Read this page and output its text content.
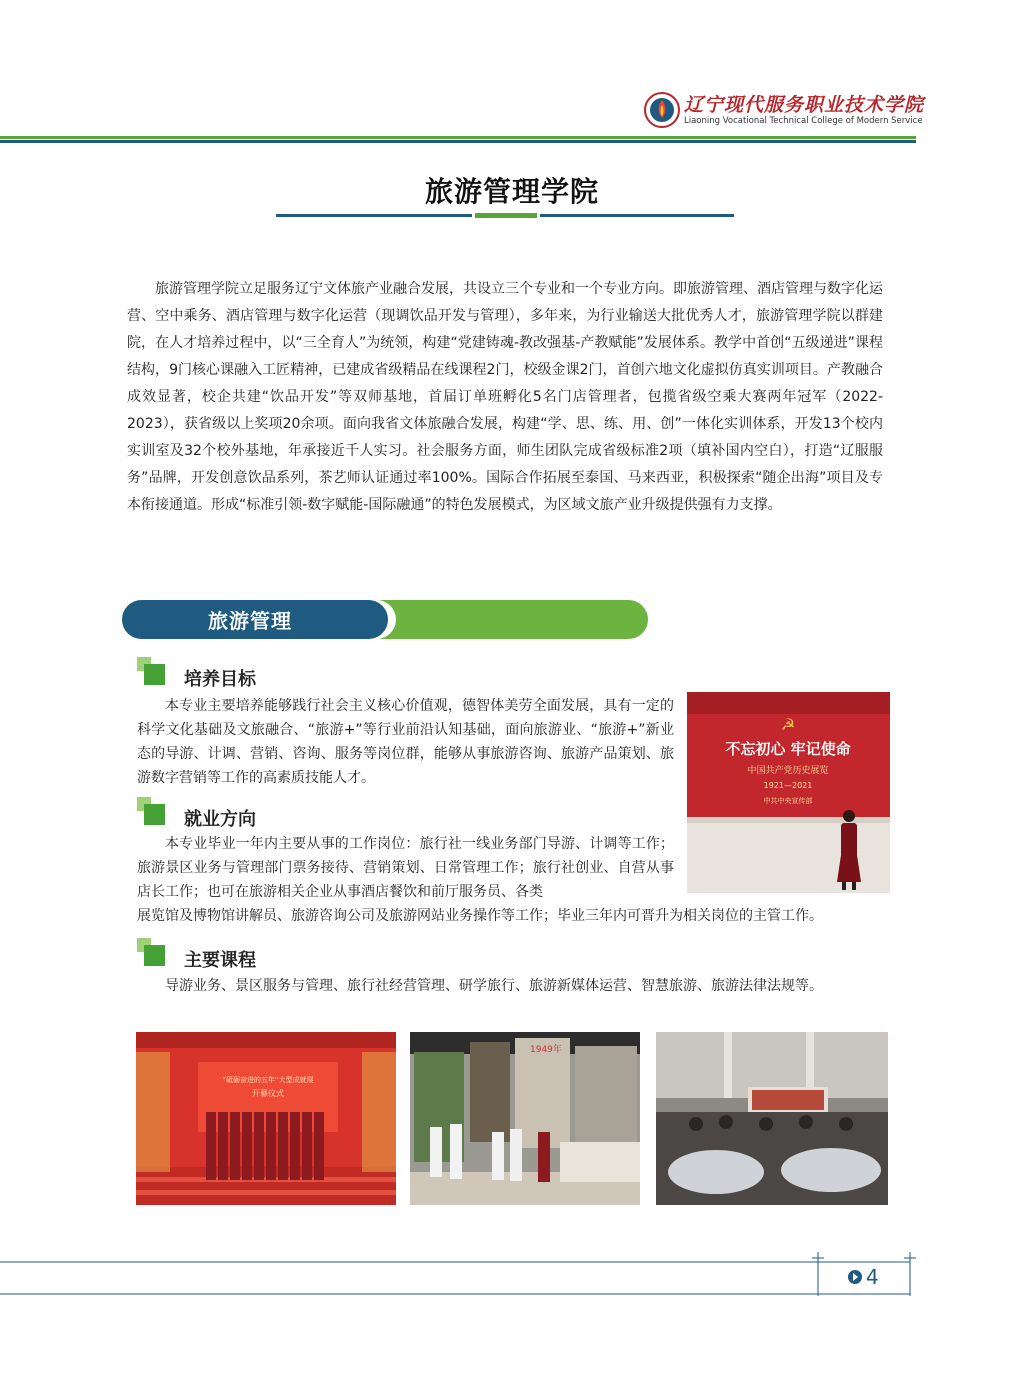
辽宁现代服务职业技术学院
Liaoning Vocational Technical College of Modern Service
旅游管理学院
旅游管理学院立足服务辽宁文体旅产业融合发展，共设立三个专业和一个专业方向。即旅游管理、酒店管理与数字化运营、空中乘务、酒店管理与数字化运营（现调饮品开发与管理），多年来，为行业输送大批优秀人才，旅游管理学院以群建院，在人才培养过程中，以“三全育人”为统领，构建“党建铸魂-教改强基-产教赋能”发展体系。教学中首创“五级递进”课程结构，9门核心课融入工匠精神，已建成省级精品在线课程2门，校级金课2门，首创六地文化虚拟仿真实训项目。产教融合成效显著，校企共建“饮品开发”等双师基地，首届订单班孵化5名门店管理者，包揽省级空乘大赛两年冠军（2022-2023），获省级以上奖项20余项。面向我省文体旅融合发展，构建“学、思、练、用、创”一体化实训体系，开发13个校内实训室及32个校外基地，年承接近千人实习。社会服务方面，师生团队完成省级标准2项（填补国内空白），打造“辽服服务”品牌，开发创意饮品系列，茶艺师认证通过率100%。国际合作拓展至泰国、马来西亚，积极探索“随企出海”项目及专本衔接通道。形成“标准引领-数字赋能-国际融通”的特色发展模式，为区域文旅产业升级提供强有力支撑。
旅游管理
培养目标
本专业主要培养能够践行社会主义核心价值观，德智体美劳全面发展，具有一定的科学文化基础及文旅融合、“旅游+”等行业前沿认知基础，面向旅游业、“旅游+”新业态的导游、计调、营销、咨询、服务等岗位群，能够从事旅游咨询、旅游产品策划、旅游数字营销等工作的高素质技能人才。
就业方向
本专业毕业一年内主要从事的工作岗位：旅行社一线业务部门导游、计调等工作；旅游景区业务与管理部门票务接待、营销策划、日常管理工作；旅行社创业、自营从事店长工作；也可在旅游相关企业从事酒店餐饮和前厅服务员、各类
展览馆及博物馆讲解员、旅游咨询公司及旅游网站业务操作等工作；毕业三年内可晋升为相关岗位的主管工作。
主要课程
导游业务、景区服务与管理、旅行社经营管理、研学旅行、旅游新媒体运营、智慧旅游、旅游法律法规等。
☭
不忘初心 牢记使命
中国共产党历史展览
1921—2021
中共中央宣传部
“砥砺奋进的五年”大型成就展
开幕仪式
1949年
4
